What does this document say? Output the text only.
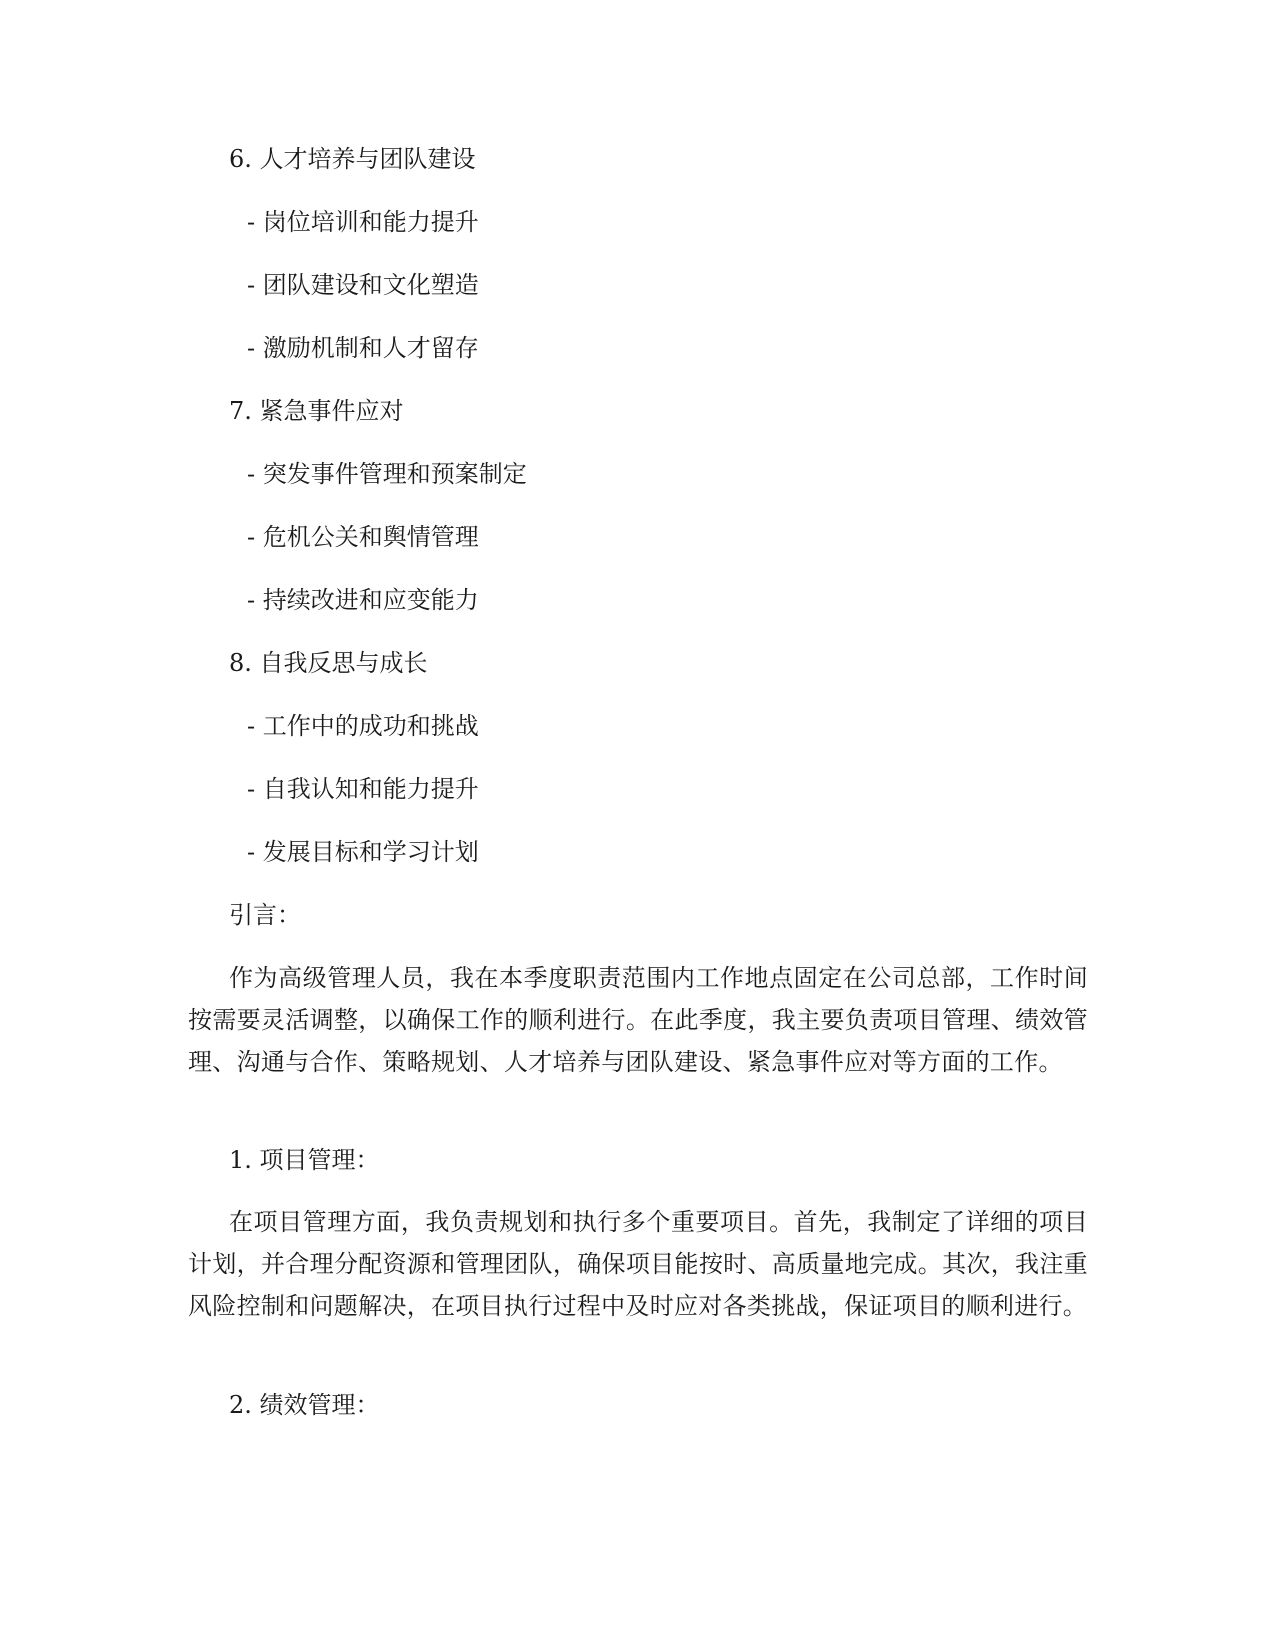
6. 人才培养与团队建设
- 岗位培训和能力提升
- 团队建设和文化塑造
- 激励机制和人才留存
7. 紧急事件应对
- 突发事件管理和预案制定
- 危机公关和舆情管理
- 持续改进和应变能力
8. 自我反思与成长
- 工作中的成功和挑战
- 自我认知和能力提升
- 发展目标和学习计划
引言：
作为高级管理人员，我在本季度职责范围内工作地点固定在公司总部，工作时间按需要灵活调整，以确保工作的顺利进行。在此季度，我主要负责项目管理、绩效管理、沟通与合作、策略规划、人才培养与团队建设、紧急事件应对等方面的工作。
1. 项目管理：
在项目管理方面，我负责规划和执行多个重要项目。首先，我制定了详细的项目计划，并合理分配资源和管理团队，确保项目能按时、高质量地完成。其次，我注重风险控制和问题解决，在项目执行过程中及时应对各类挑战，保证项目的顺利进行。
2. 绩效管理：
